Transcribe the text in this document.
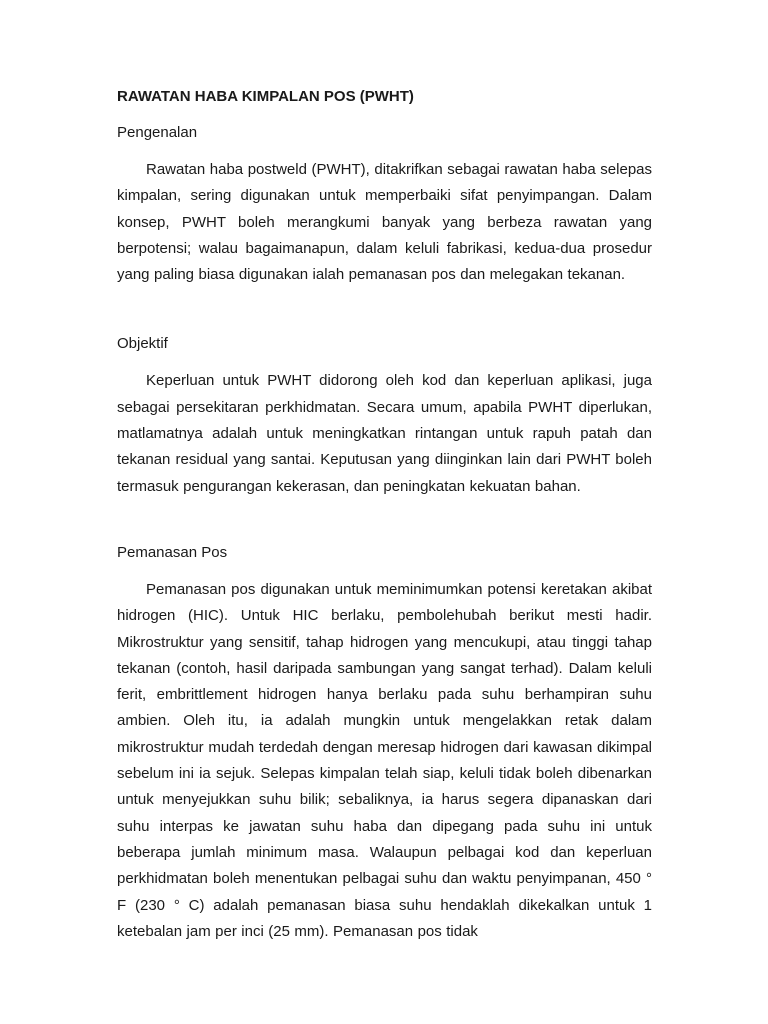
RAWATAN HABA KIMPALAN POS (PWHT)
Pengenalan

Rawatan haba postweld (PWHT), ditakrifkan sebagai rawatan haba selepas kimpalan, sering digunakan untuk memperbaiki sifat penyimpangan. Dalam konsep, PWHT boleh merangkumi banyak yang berbeza rawatan yang berpotensi; walau bagaimanapun, dalam keluli fabrikasi, kedua-dua prosedur yang paling biasa digunakan ialah pemanasan pos dan melegakan tekanan.

Objektif

Keperluan untuk PWHT didorong oleh kod dan keperluan aplikasi, juga sebagai persekitaran perkhidmatan. Secara umum, apabila PWHT diperlukan, matlamatnya adalah untuk meningkatkan rintangan untuk rapuh patah dan tekanan residual yang santai. Keputusan yang diinginkan lain dari PWHT boleh termasuk pengurangan kekerasan, dan peningkatan kekuatan bahan.

Pemanasan Pos

Pemanasan pos digunakan untuk meminimumkan potensi keretakan akibat hidrogen (HIC). Untuk HIC berlaku, pembolehubah berikut mesti hadir. Mikrostruktur yang sensitif, tahap hidrogen yang mencukupi, atau tinggi tahap tekanan (contoh, hasil daripada sambungan yang sangat terhad). Dalam keluli ferit, embrittlement hidrogen hanya berlaku pada suhu berhampiran suhu ambien. Oleh itu, ia adalah mungkin untuk mengelakkan retak dalam mikrostruktur mudah terdedah dengan meresap hidrogen dari kawasan dikimpal sebelum ini ia sejuk. Selepas kimpalan telah siap, keluli tidak boleh dibenarkan untuk menyejukkan suhu bilik; sebaliknya, ia harus segera dipanaskan dari suhu interpas ke jawatan suhu haba dan dipegang pada suhu ini untuk beberapa jumlah minimum masa. Walaupun pelbagai kod dan keperluan perkhidmatan boleh menentukan pelbagai suhu dan waktu penyimpanan, 450 ° F (230 ° C) adalah pemanasan biasa suhu hendaklah dikekalkan untuk 1 ketebalan jam per inci (25 mm). Pemanasan pos tidak
